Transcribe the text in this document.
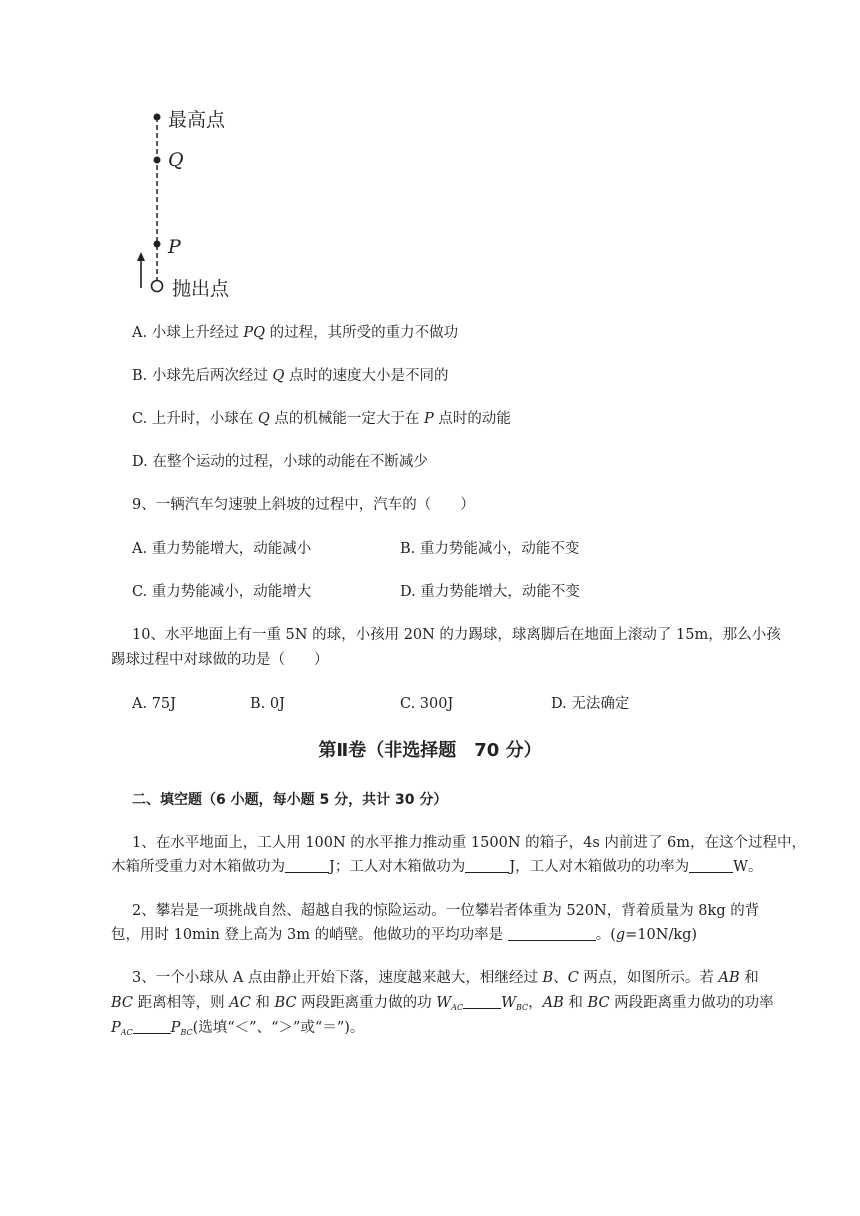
最高点
Q
P
抛出点
A. 小球上升经过 PQ 的过程，其所受的重力不做功
B. 小球先后两次经过 Q 点时的速度大小是不同的
C. 上升时，小球在 Q 点的机械能一定大于在 P 点时的动能
D. 在整个运动的过程，小球的动能在不断减少
9、一辆汽车匀速驶上斜坡的过程中，汽车的（　　）
A. 重力势能增大，动能减小	B. 重力势能减小，动能不变
C. 重力势能减小，动能增大	D. 重力势能增大，动能不变
10、水平地面上有一重 5N 的球，小孩用 20N 的力踢球，球离脚后在地面上滚动了 15m，那么小孩
踢球过程中对球做的功是（　　）
A. 75J	B. 0J	C. 300J	D. 无法确定
第Ⅱ卷（非选择题　70 分）
二、填空题（6 小题，每小题 5 分，共计 30 分）
1、在水平地面上，工人用 100N 的水平推力推动重 1500N 的箱子，4s 内前进了 6m，在这个过程中，
木箱所受重力对木箱做功为	J；工人对木箱做功为	J，工人对木箱做功的功率为	W。
2、攀岩是一项挑战自然、超越自我的惊险运动。一位攀岩者体重为 520N，背着质量为 8kg 的背
包，用时 10min 登上高为 3m 的峭壁。他做功的平均功率是	。(g=10N/kg)
3、一个小球从 A 点由静止开始下落，速度越来越大，相继经过 B、C 两点，如图所示。若 AB 和
BC 距离相等，则 AC 和 BC 两段距离重力做的功 $W_{AC}$	$W_{BC}$，AB 和 BC 两段距离重力做功的功率
$P_{AC}$	$P_{BC}$(选填“＜”、“＞”或“＝”)。
